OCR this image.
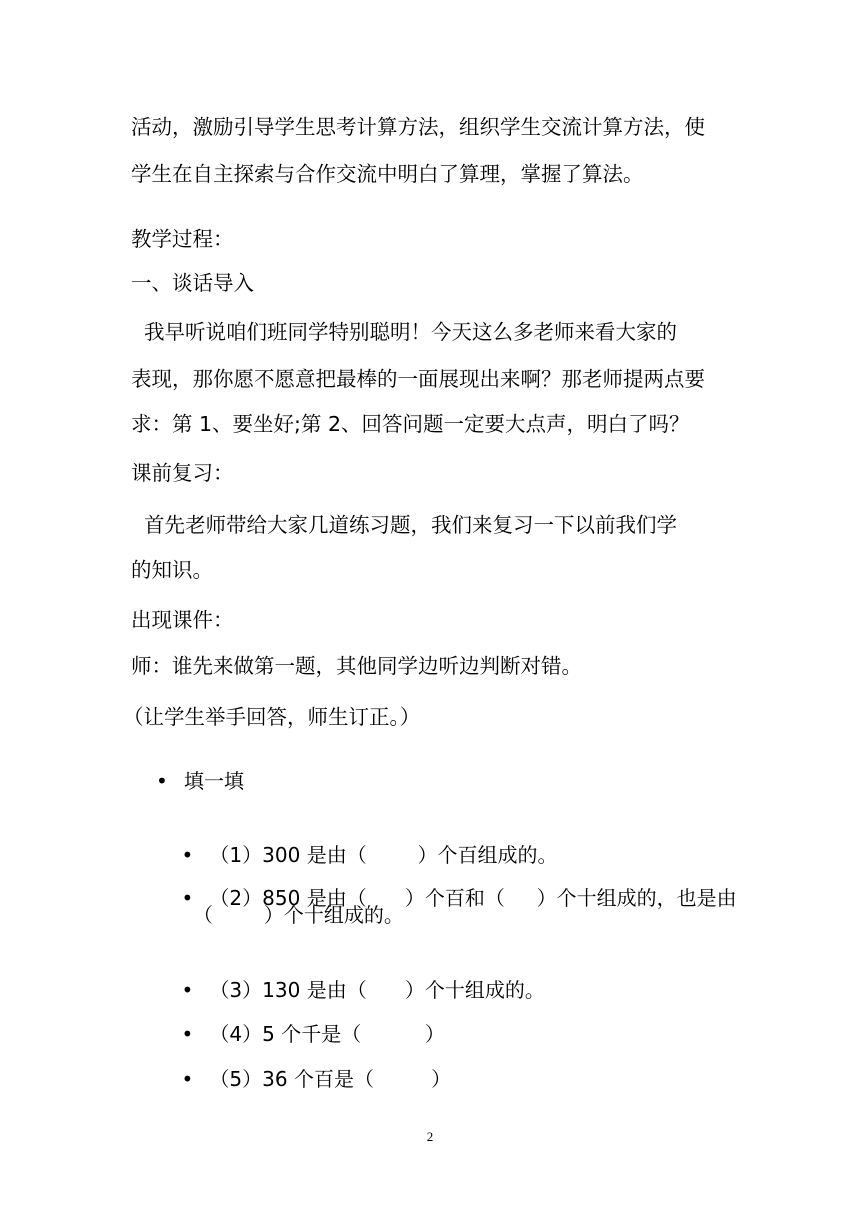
活动，激励引导学生思考计算方法，组织学生交流计算方法，使
学生在自主探索与合作交流中明白了算理，掌握了算法。
教学过程：
一、谈话导入
我早听说咱们班同学特别聪明！今天这么多老师来看大家的
表现，那你愿不愿意把最棒的一面展现出来啊？那老师提两点要
求：第 1、要坐好;第 2、回答问题一定要大点声，明白了吗？
课前复习：
首先老师带给大家几道练习题，我们来复习一下以前我们学
的知识。
出现课件：
师：谁先来做第一题，其他同学边听边判断对错。
（让学生举手回答，师生订正。）
• 填一填

• （1）300 是由（        ）个百组成的。

• （2）850 是由（      ）个百和（     ）个十组成的，也是由

（        ）个十组成的。

• （3）130 是由（      ）个十组成的。

• （4）5 个千是（          ）

• （5）36 个百是（         ）

2
